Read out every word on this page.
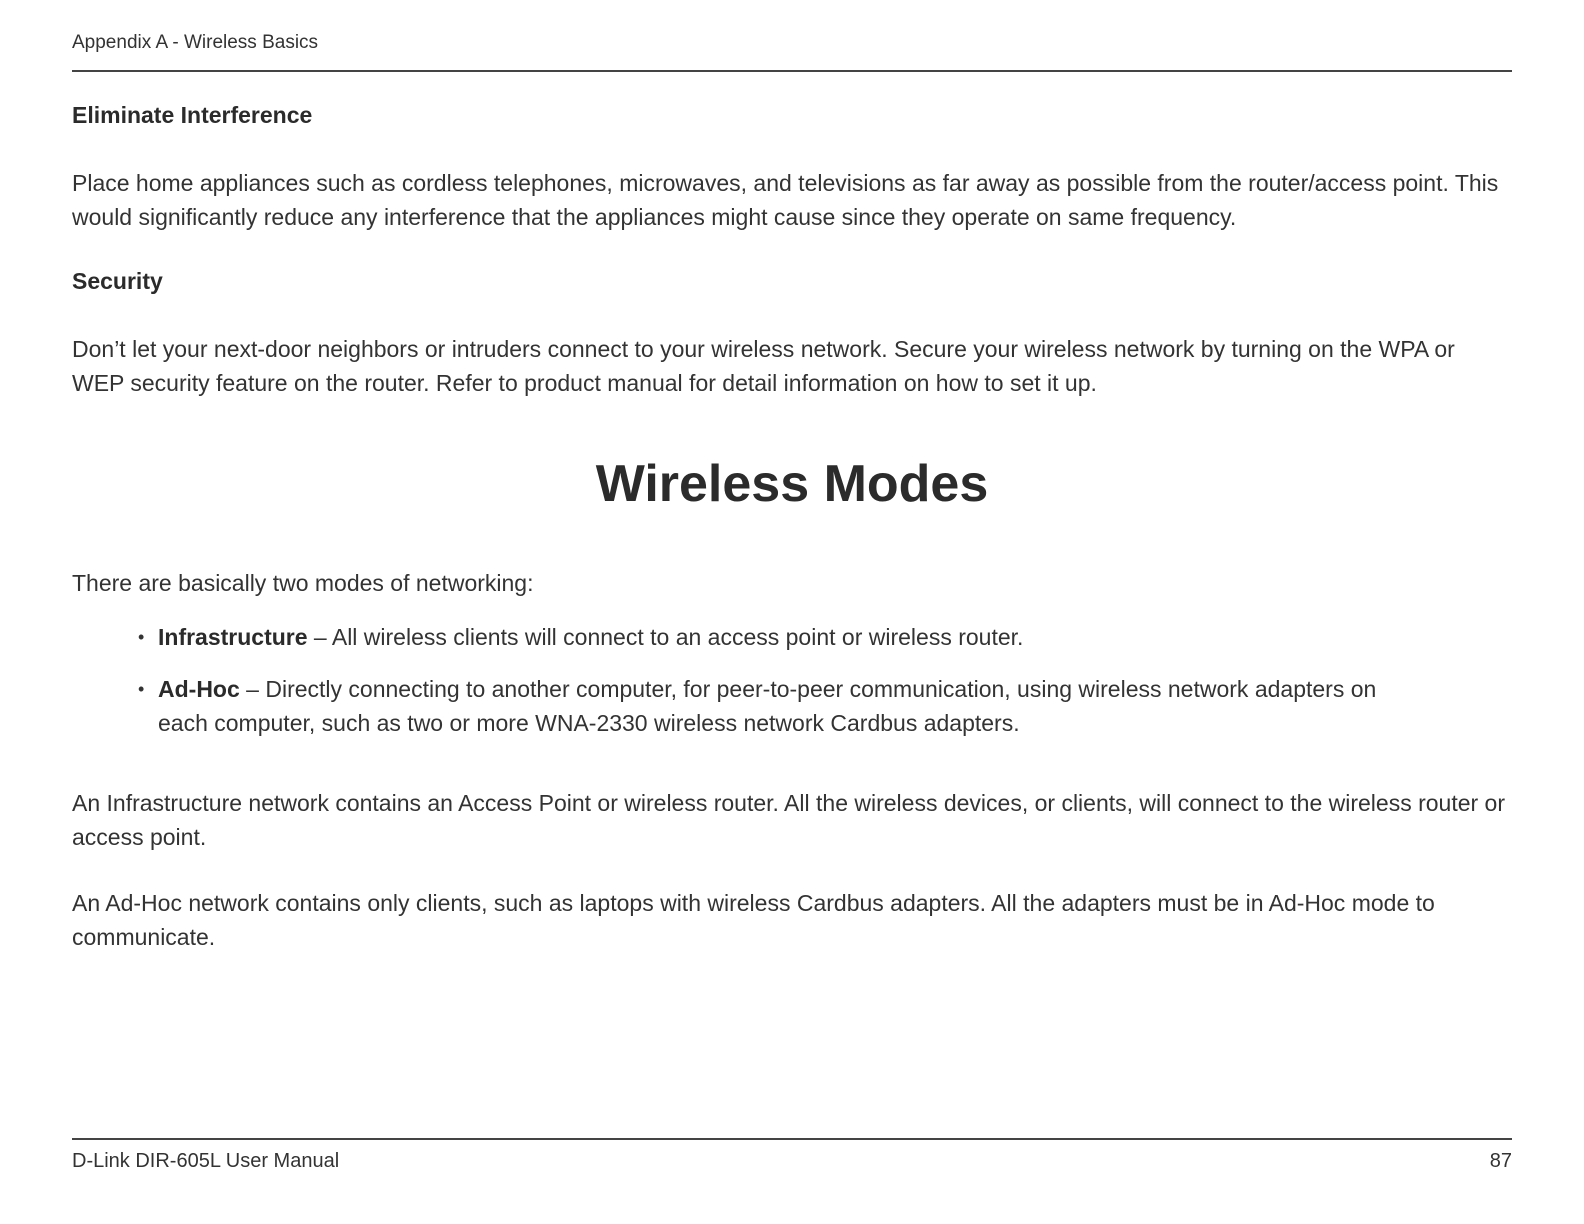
Appendix A - Wireless Basics
Eliminate Interference

Place home appliances such as cordless telephones, microwaves, and televisions as far away as possible from the router/access point. This would significantly reduce any interference that the appliances might cause since they operate on same frequency.

Security

Don’t let your next-door neighbors or intruders connect to your wireless network. Secure your wireless network by turning on the WPA or WEP security feature on the router. Refer to product manual for detail information on how to set it up.

Wireless Modes

There are basically two modes of networking:

• Infrastructure – All wireless clients will connect to an access point or wireless router.
• Ad-Hoc – Directly connecting to another computer, for peer-to-peer communication, using wireless network adapters on each computer, such as two or more WNA-2330 wireless network Cardbus adapters.

An Infrastructure network contains an Access Point or wireless router. All the wireless devices, or clients, will connect to the wireless router or access point.

An Ad-Hoc network contains only clients, such as laptops with wireless Cardbus adapters. All the adapters must be in Ad-Hoc mode to communicate.

D-Link DIR-605L User Manual	87
